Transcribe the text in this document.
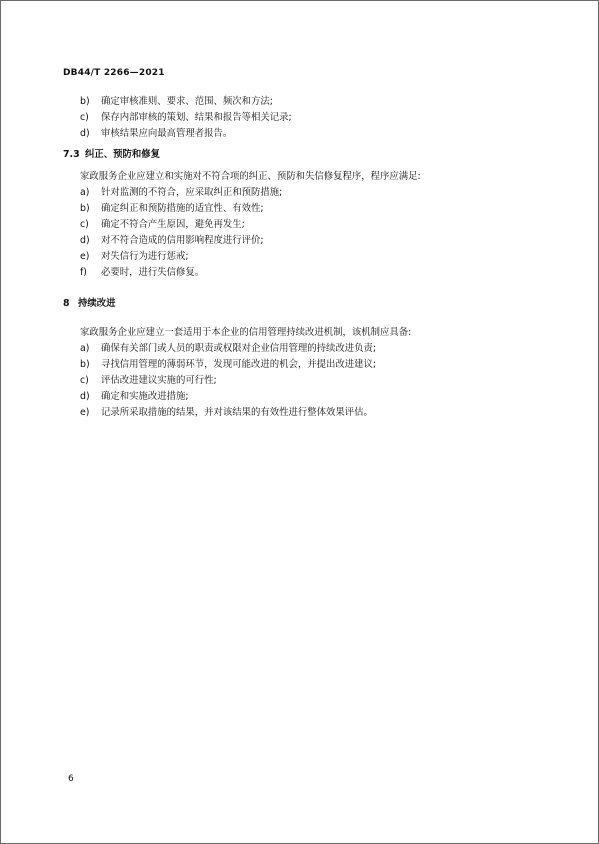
DB44/T 2266—2021
b) 确定审核准则、要求、范围、频次和方法;
c) 保存内部审核的策划、结果和报告等相关记录;
d) 审核结果应向最高管理者报告。
7.3 纠正、预防和修复
家政服务企业应建立和实施对不符合项的纠正、预防和失信修复程序，程序应满足:
a) 针对监测的不符合，应采取纠正和预防措施;
b) 确定纠正和预防措施的适宜性、有效性;
c) 确定不符合产生原因，避免再发生;
d) 对不符合造成的信用影响程度进行评价;
e) 对失信行为进行惩戒;
f) 必要时，进行失信修复。
8 持续改进
家政服务企业应建立一套适用于本企业的信用管理持续改进机制，该机制应具备:
a) 确保有关部门或人员的职责或权限对企业信用管理的持续改进负责;
b) 寻找信用管理的薄弱环节，发现可能改进的机会，并提出改进建议;
c) 评估改进建议实施的可行性;
d) 确定和实施改进措施;
e) 记录所采取措施的结果，并对该结果的有效性进行整体效果评估。
6
